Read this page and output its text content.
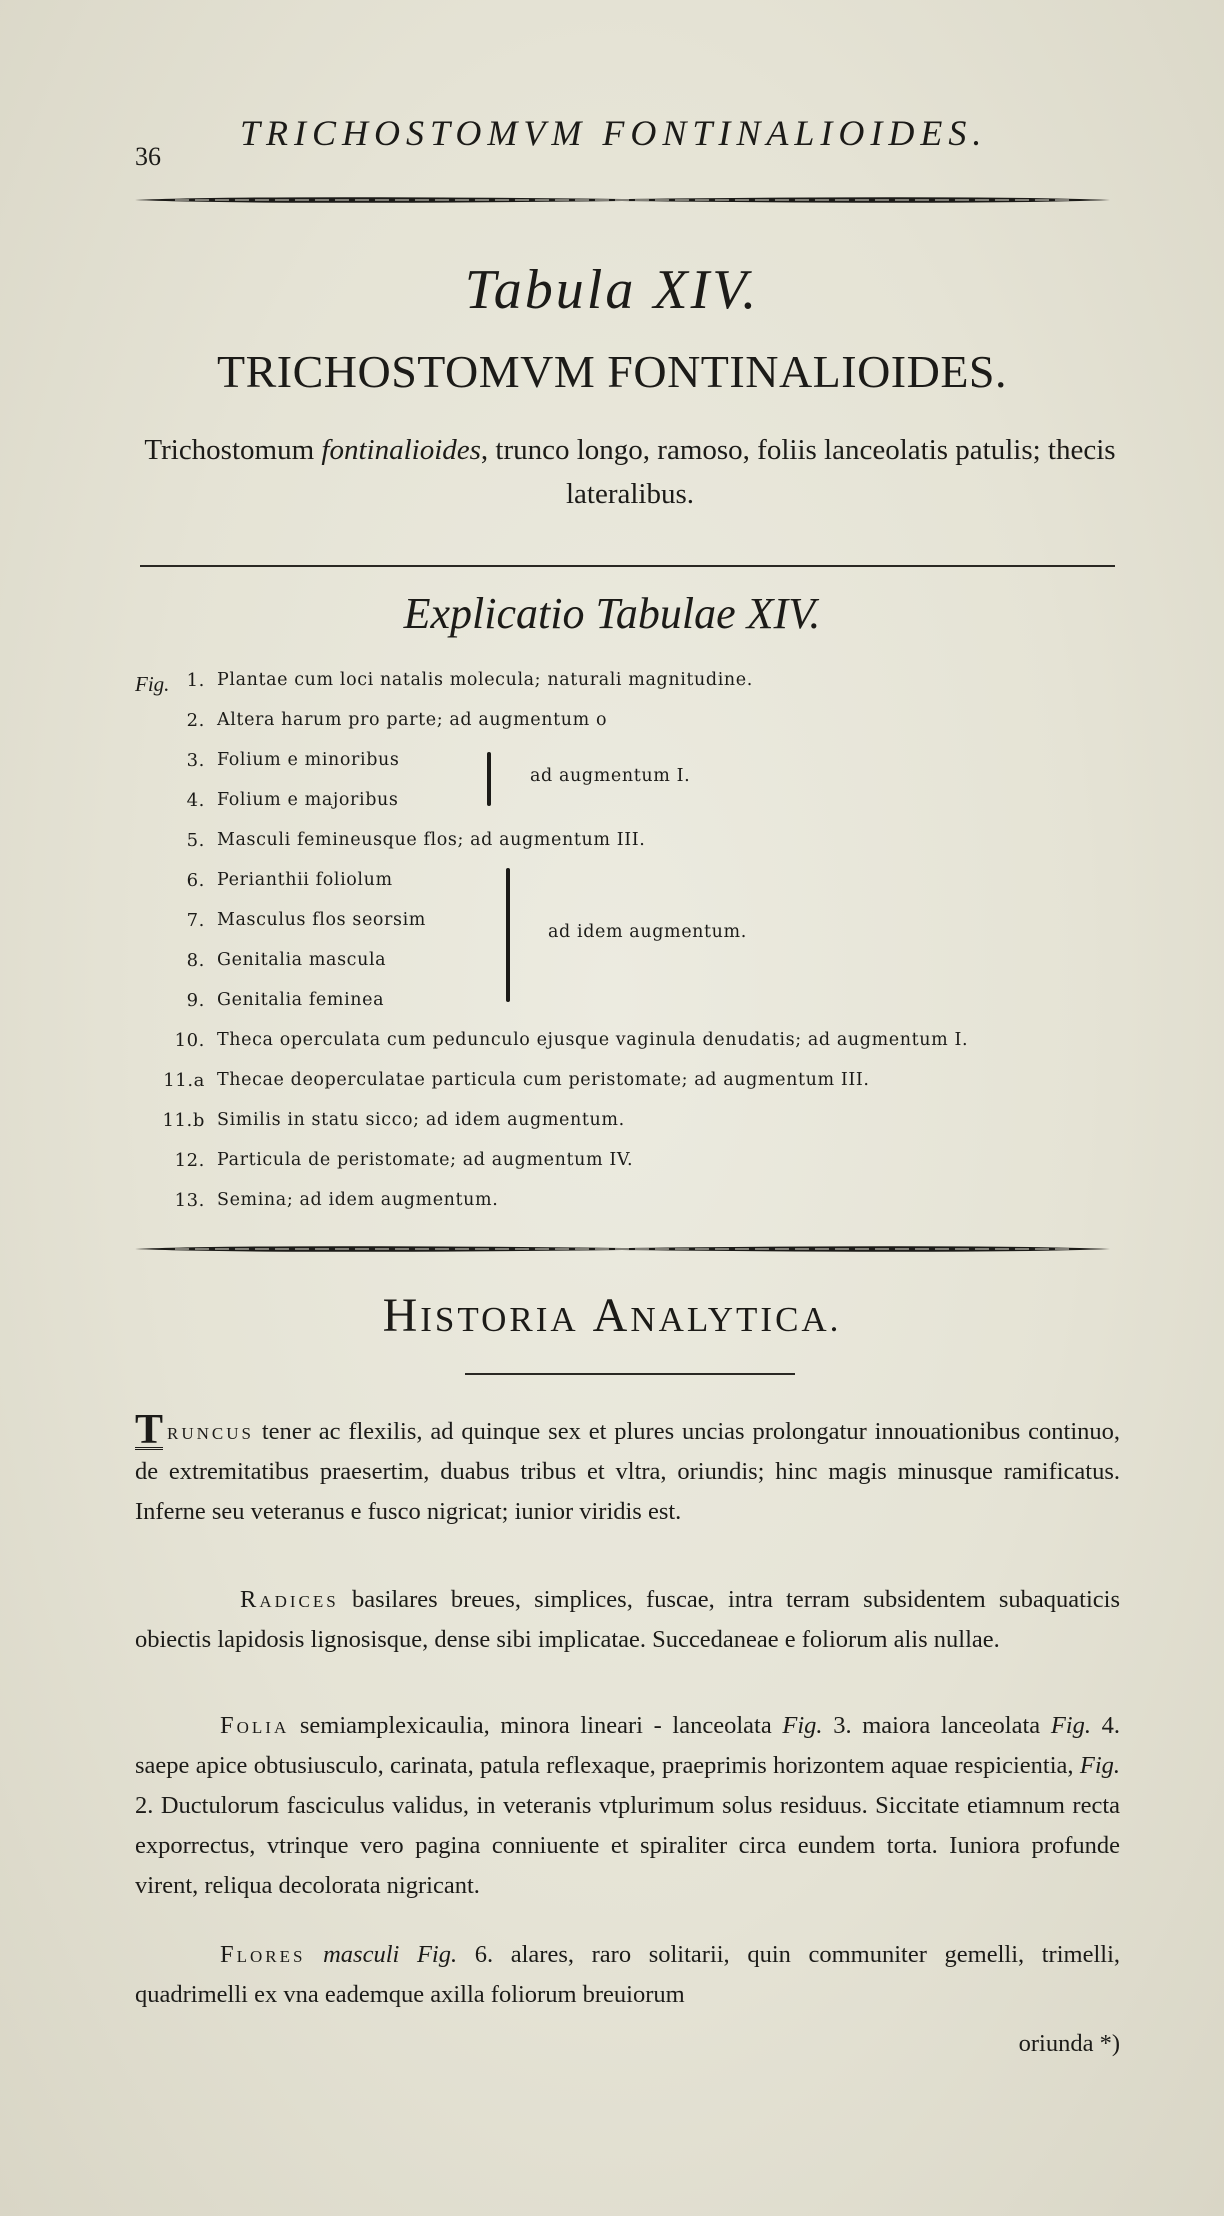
36
TRICHOSTOMVM FONTINALIOIDES.
Tabula XIV.
TRICHOSTOMVM FONTINALIOIDES.
Trichostomum fontinalioides, trunco longo, ramoso, foliis lanceolatis patulis; thecis lateralibus.
Explicatio Tabulae XIV.
Fig. 1. Plantae cum loci natalis molecula; naturali magnitudine.
2. Altera harum pro parte; ad augmentum o
3. Folium e minoribus
4. Folium e majoribus
ad augmentum I.
5. Masculi femineusque flos; ad augmentum III.
6. Perianthii foliolum
7. Masculus flos seorsim
8. Genitalia mascula
9. Genitalia feminea
ad idem augmentum.
10. Theca operculata cum pedunculo ejusque vaginula denudatis; ad augmentum I.
11.a Thecae deoperculatae particula cum peristomate; ad augmentum III.
11.b Similis in statu sicco; ad idem augmentum.
12. Particula de peristomate; ad augmentum IV.
13. Semina; ad idem augmentum.
HISTORIA ANALYTICA.
T runcus tener ac flexilis, ad quinque sex et plures uncias prolongatur innouationibus continuo, de extremitatibus praesertim, duabus tribus et vltra, oriundis; hinc magis minusque ramificatus. Inferne seu veteranus e fusco nigricat; iunior viridis est.
Radices basilares breues, simplices, fuscae, intra terram subsidentem subaquaticis obiectis lapidosis lignosisque, dense sibi implicatae. Succedaneae e foliorum alis nullae.
Folia semiamplexicaulia, minora lineari - lanceolata Fig. 3. maiora lanceolata Fig. 4. saepe apice obtusiusculo, carinata, patula reflexaque, praeprimis horizontem aquae respicientia, Fig. 2. Ductulorum fasciculus validus, in veteranis vtplurimum solus residuus. Siccitate etiamnum recta exporrectus, vtrinque vero pagina conniuente et spiraliter circa eundem torta. Iuniora profunde virent, reliqua decolorata nigricant.
Flores masculi Fig. 6. alares, raro solitarii, quin communiter gemelli, trimelli, quadrimelli ex vna eademque axilla foliorum breuiorum
oriunda *)
